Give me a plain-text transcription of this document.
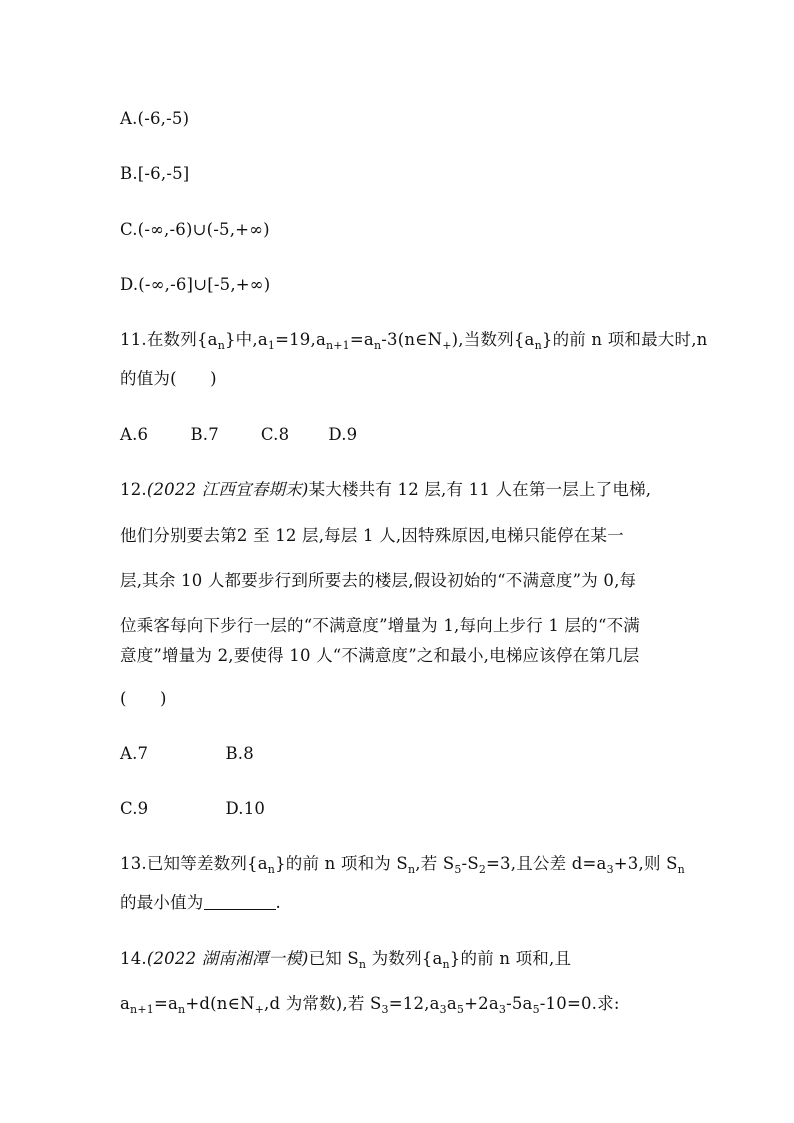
A.(-6,-5)
B.[-6,-5]
C.(-∞,-6)∪(-5,+∞)
D.(-∞,-6]∪[-5,+∞)
11.在数列$\{a_n\}$中$,a_1=19,a_{n+1}=a_n-3(n\in N_+)$,当数列$\{a_n\}$的前 n 项和最大时,n
的值为(　　)
A.6	B.7	C.8 D.9
12.(2022 江西宜春期末)某大楼共有 12 层,有 11 人在第一层上了电梯,
他们分别要去第2 至 12 层,每层 1 人,因特殊原因,电梯只能停在某一
层,其余 10 人都要步行到所要去的楼层,假设初始的“不满意度”为 0,每
位乘客每向下步行一层的“不满意度”增量为 1,每向上步行 1 层的“不满
意度”增量为 2,要使得 10 人“不满意度”之和最小,电梯应该停在第几层
(　　)
A.7	B.8
C.9	D.10
13.已知等差数列$\{a_n\}$的前 n 项和为 $S_n$,若 $S_5-S_2=3$,且公差 $d=a_3+3$,则 $S_n$
的最小值为	.
14.(2022 湖南湘潭一模)已知 $S_n$ 为数列$\{a_n\}$的前 n 项和,且
$a_{n+1}=a_n+d(n\in N_+,d$ 为常数),若 $S_3=12,a_3a_5+2a_3-5a_5-10=0$.求:
